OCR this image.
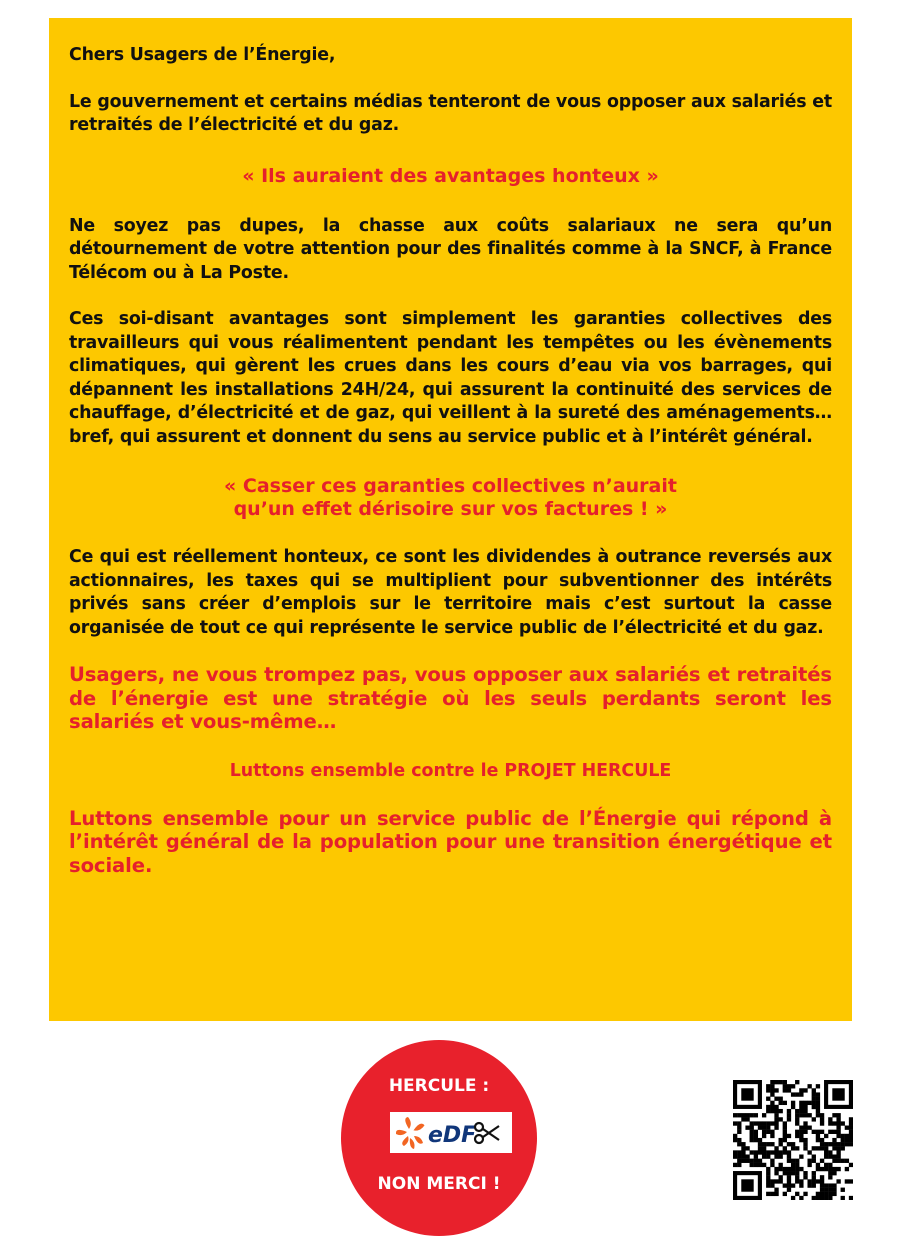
Chers Usagers de l’Énergie,

Le gouvernement et certains médias tenteront de vous opposer aux salariés et retraités de l’électricité et du gaz.

« Ils auraient des avantages honteux »

Ne soyez pas dupes, la chasse aux coûts salariaux ne sera qu’un détournement de votre attention pour des finalités comme à la SNCF, à France Télécom ou à La Poste.

Ces soi-disant avantages sont simplement les garanties collectives des travailleurs qui vous réalimentent pendant les tempêtes ou les évènements climatiques, qui gèrent les crues dans les cours d’eau via vos barrages, qui dépannent les installations 24H/24, qui assurent la continuité des services de chauffage, d’électricité et de gaz, qui veillent à la sureté des aménagements… bref, qui assurent et donnent du sens au service public et à l’intérêt général.

« Casser ces garanties collectives n’aurait
qu’un effet dérisoire sur vos factures ! »

Ce qui est réellement honteux, ce sont les dividendes à outrance reversés aux actionnaires, les taxes qui se multiplient pour subventionner des intérêts privés sans créer d’emplois sur le territoire mais c’est surtout la casse organisée de tout ce qui représente le service public de l’électricité et du gaz.

Usagers, ne vous trompez pas, vous opposer aux salariés et retraités de l’énergie est une stratégie où les seuls perdants seront les salariés et vous-même…

Luttons ensemble contre le PROJET HERCULE

Luttons ensemble pour un service public de l’Énergie qui répond à l’intérêt général de la population pour une transition énergétique et sociale.

HERCULE :
eDF
NON MERCI !
